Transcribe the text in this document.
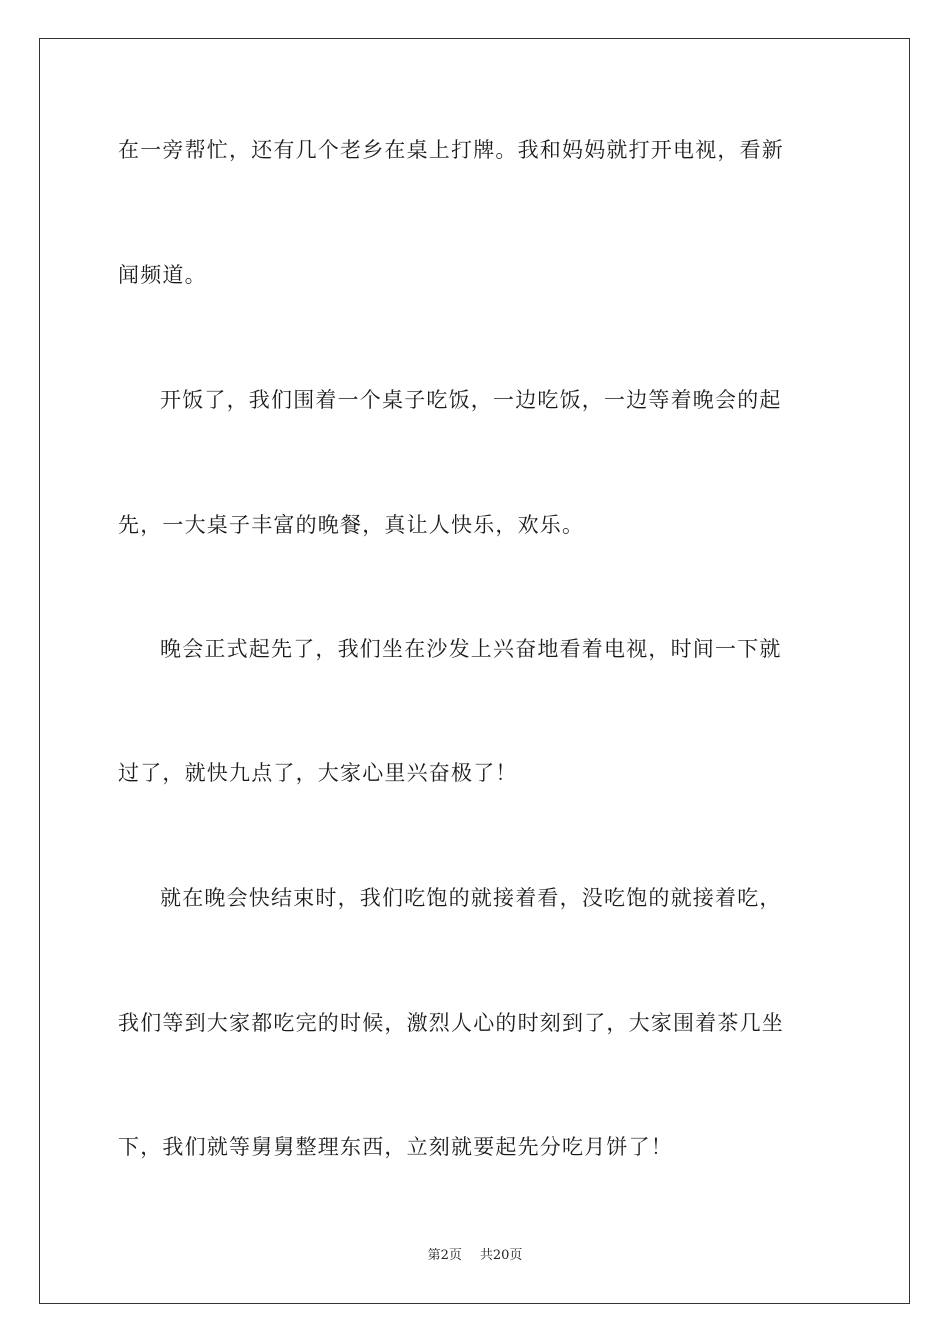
在一旁帮忙，还有几个老乡在桌上打牌。我和妈妈就打开电视，看新
闻频道。
开饭了，我们围着一个桌子吃饭，一边吃饭，一边等着晚会的起
先，一大桌子丰富的晚餐，真让人快乐，欢乐。
晚会正式起先了，我们坐在沙发上兴奋地看着电视，时间一下就
过了，就快九点了，大家心里兴奋极了！
就在晚会快结束时，我们吃饱的就接着看，没吃饱的就接着吃，
我们等到大家都吃完的时候，激烈人心的时刻到了，大家围着茶几坐
下，我们就等舅舅整理东西，立刻就要起先分吃月饼了！
第2页 共20页
